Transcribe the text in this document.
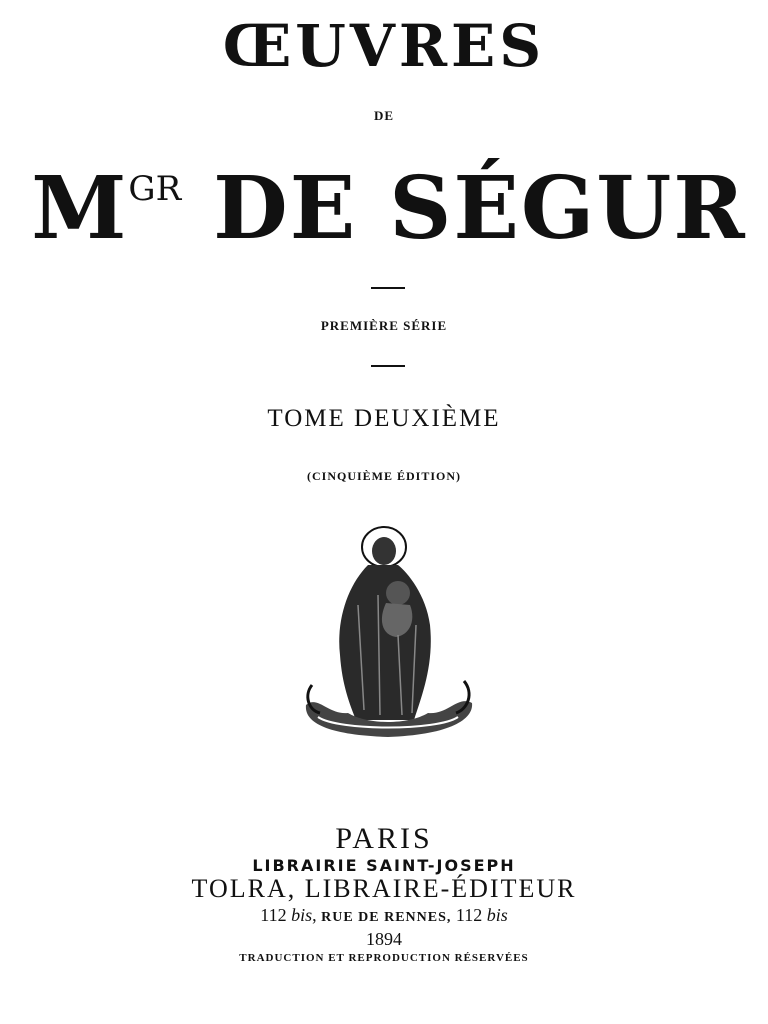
ŒUVRES
DE
$M^{GR}$ DE SÉGUR
PREMIÈRE SÉRIE
TOME DEUXIÈME
(CINQUIÈME ÉDITION)
PARIS
LIBRAIRIE SAINT-JOSEPH
TOLRA, LIBRAIRE-ÉDITEUR
112 bis, RUE DE RENNES, 112 bis
1894
TRADUCTION ET REPRODUCTION RÉSERVÉES
